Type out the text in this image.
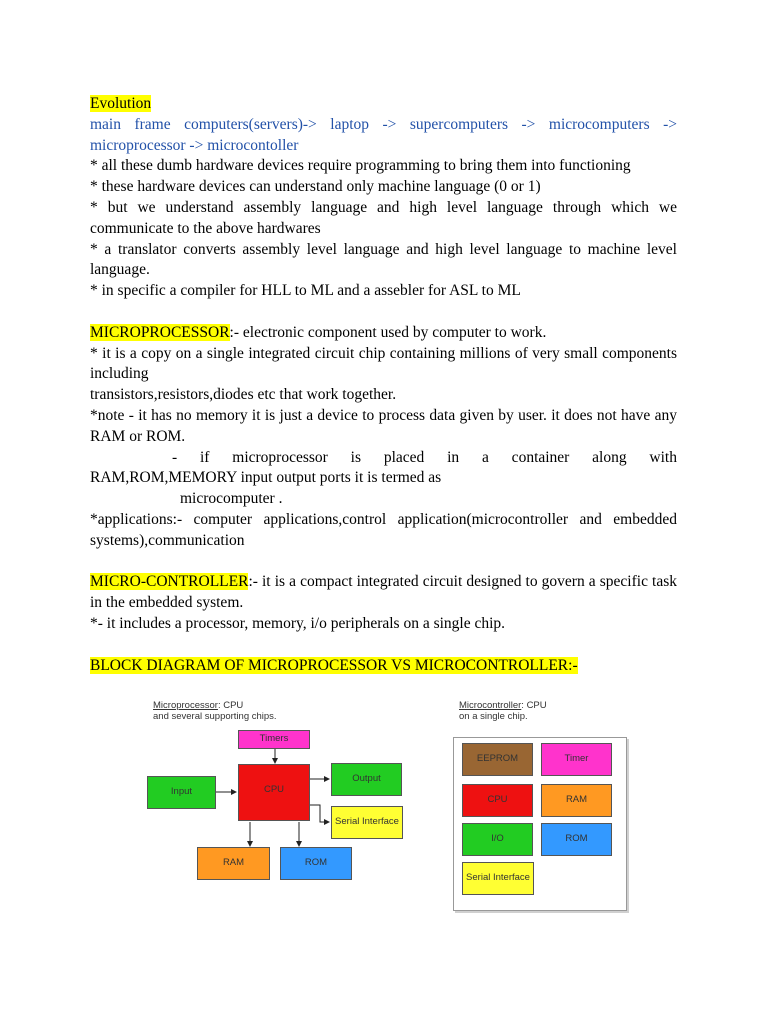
Evolution

main frame computers(servers)-> laptop -> supercomputers -> microcomputers ->

microprocessor -> microcontoller

* all these dumb hardware devices require programming to bring them into functioning

* these hardware devices can understand only machine language (0 or 1)

* but we understand assembly language and high level language through which we communicate to the above hardwares

* a translator converts assembly level language and high level language to machine level language.

* in specific a compiler for HLL to ML and a assebler for ASL to ML

MICROPROCESSOR:- electronic component used by computer to work.

* it is a copy on a single integrated circuit chip containing millions of very small components including

transistors,resistors,diodes etc that work together.

*note - it has no memory it is just a device to process data given by user. it does not have any RAM or ROM.

- if microprocessor is placed in a container along with

RAM,ROM,MEMORY input output ports it is termed as

microcomputer .

*applications:- computer applications,control application(microcontroller and embedded systems),communication

MICRO-CONTROLLER:- it is a compact integrated circuit designed to govern a specific task in the embedded system.

*- it includes a processor, memory, i/o peripherals on a single chip.

BLOCK DIAGRAM OF MICROPROCESSOR VS MICROCONTROLLER:-

Microprocessor: CPU
and several supporting chips.
Timers
Input	CPU
Output
Serial Interface
RAM	ROM
Microcontroller: CPU
on a single chip.
EEPROM	Timer
CPU	RAM
I/O	ROM
Serial Interface
